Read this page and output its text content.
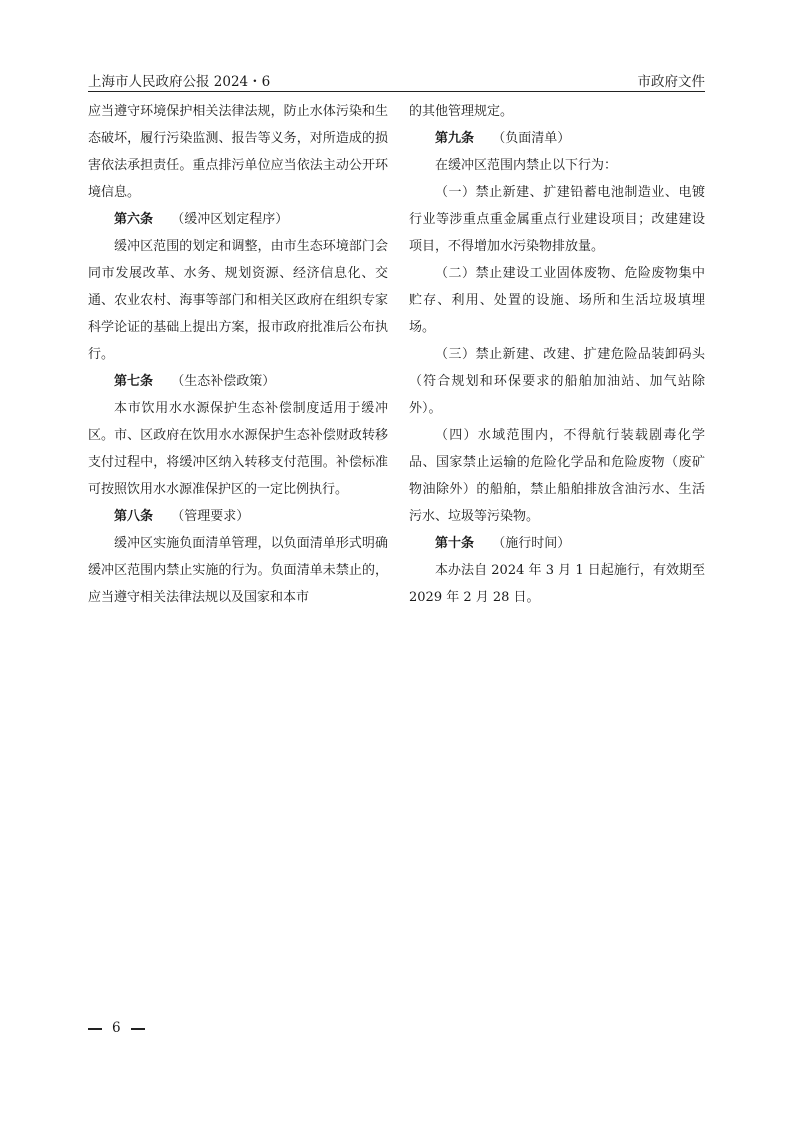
上海市人民政府公报 2024・6	市政府文件

应当遵守环境保护相关法律法规，防止水体污染和生态破坏，履行污染监测、报告等义务，对所造成的损害依法承担责任。重点排污单位应当依法主动公开环境信息。

第六条 （缓冲区划定程序）

缓冲区范围的划定和调整，由市生态环境部门会同市发展改革、水务、规划资源、经济信息化、交通、农业农村、海事等部门和相关区政府在组织专家科学论证的基础上提出方案，报市政府批准后公布执行。

第七条 （生态补偿政策）

本市饮用水水源保护生态补偿制度适用于缓冲区。市、区政府在饮用水水源保护生态补偿财政转移支付过程中，将缓冲区纳入转移支付范围。补偿标准可按照饮用水水源准保护区的一定比例执行。

第八条 （管理要求）

缓冲区实施负面清单管理，以负面清单形式明确缓冲区范围内禁止实施的行为。负面清单未禁止的，应当遵守相关法律法规以及国家和本市

的其他管理规定。

第九条 （负面清单）

在缓冲区范围内禁止以下行为：

（一）禁止新建、扩建铅蓄电池制造业、电镀行业等涉重点重金属重点行业建设项目；改建建设项目，不得增加水污染物排放量。

（二）禁止建设工业固体废物、危险废物集中贮存、利用、处置的设施、场所和生活垃圾填埋场。

（三）禁止新建、改建、扩建危险品装卸码头（符合规划和环保要求的船舶加油站、加气站除外）。

（四）水域范围内，不得航行装载剧毒化学品、国家禁止运输的危险化学品和危险废物（废矿物油除外）的船舶，禁止船舶排放含油污水、生活污水、垃圾等污染物。

第十条 （施行时间）

本办法自 2024 年 3 月 1 日起施行，有效期至 2029 年 2 月 28 日。

6
